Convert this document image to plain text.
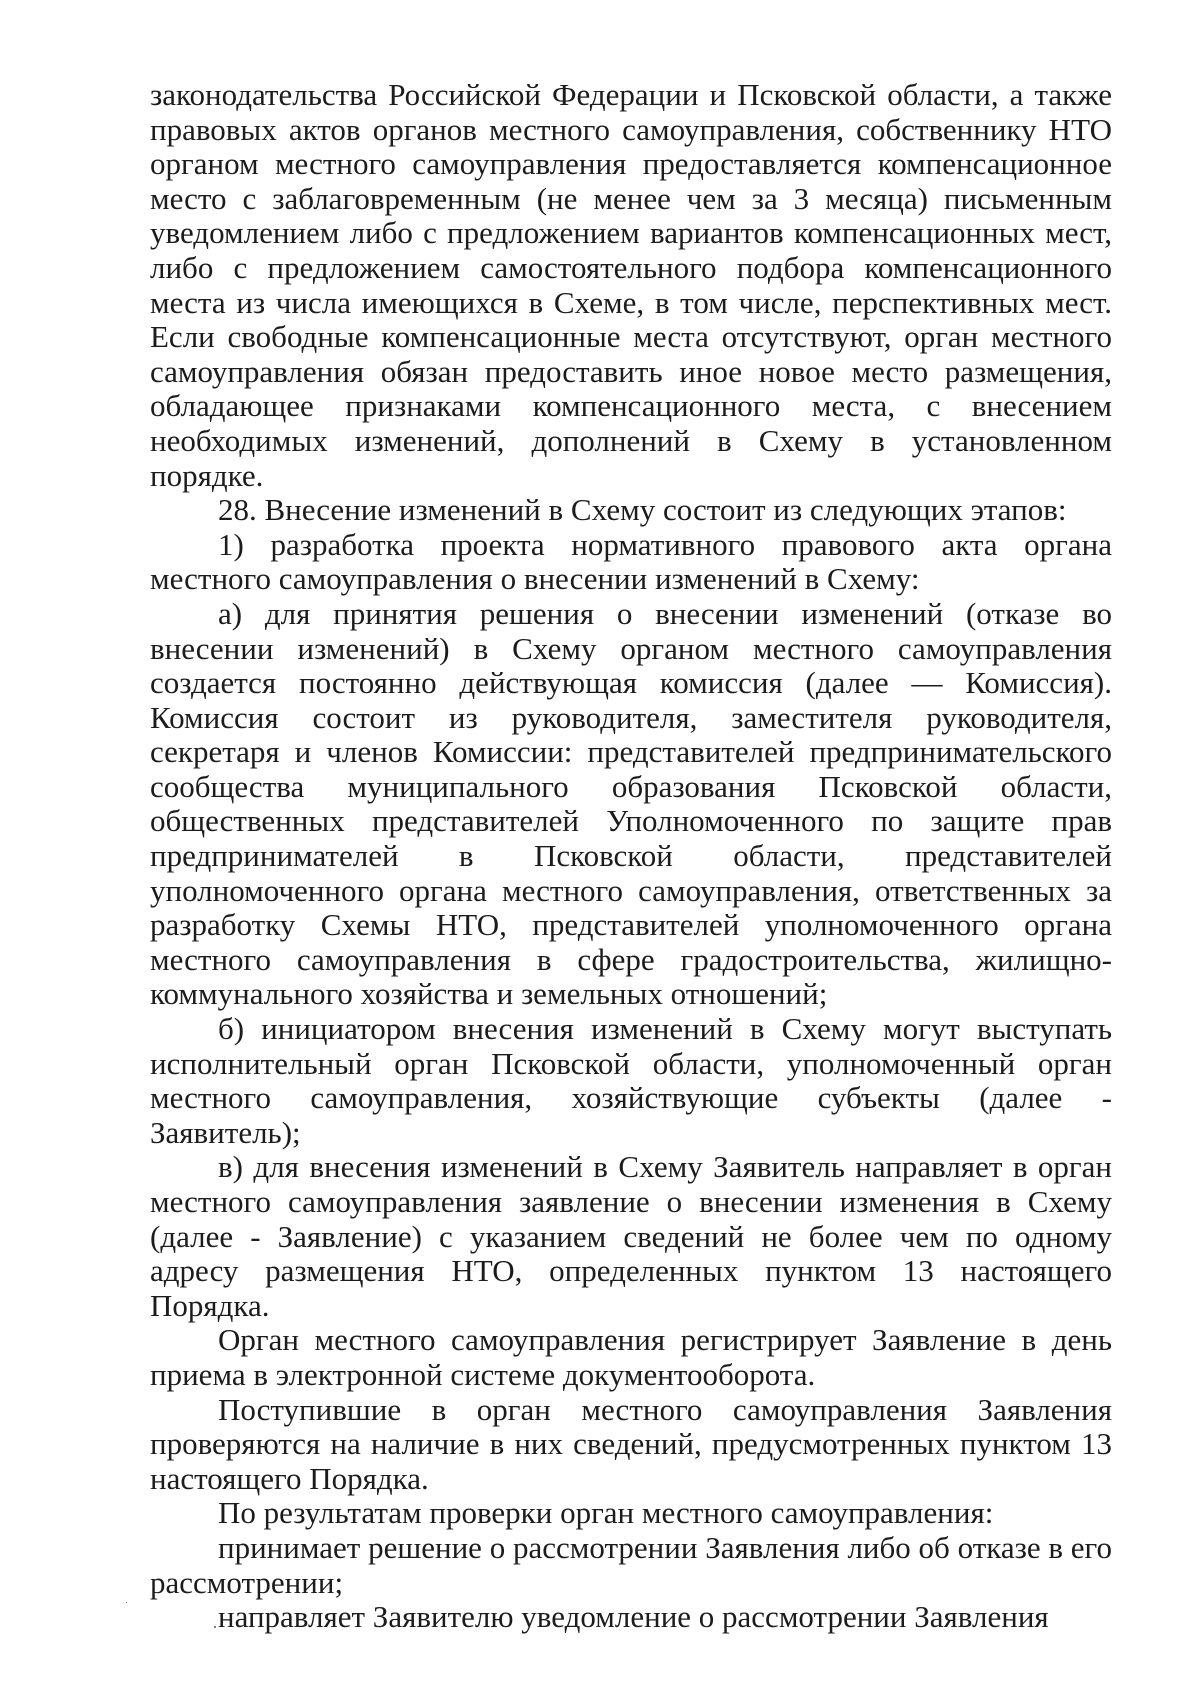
законодательства Российской Федерации и Псковской области, а также правовых актов органов местного самоуправления, собственнику НТО органом местного самоуправления предоставляется компенсационное место с заблаговременным (не менее чем за 3 месяца) письменным уведомлением либо с предложением вариантов компенсационных мест, либо с предложением самостоятельного подбора компенсационного места из числа имеющихся в Схеме, в том числе, перспективных мест. Если свободные компенсационные места отсутствуют, орган местного самоуправления обязан предоставить иное новое место размещения, обладающее признаками компенсационного места, с внесением необходимых изменений, дополнений в Схему в установленном порядке.

28. Внесение изменений в Схему состоит из следующих этапов:

1) разработка проекта нормативного правового акта органа местного самоуправления о внесении изменений в Схему:

а) для принятия решения о внесении изменений (отказе во внесении изменений) в Схему органом местного самоуправления создается постоянно действующая комиссия (далее — Комиссия). Комиссия состоит из руководителя, заместителя руководителя, секретаря и членов Комиссии: представителей предпринимательского сообщества муниципального образования Псковской области, общественных представителей Уполномоченного по защите прав предпринимателей в Псковской области, представителей уполномоченного органа местного самоуправления, ответственных за разработку Схемы НТО, представителей уполномоченного органа местного самоуправления в сфере градостроительства, жилищно-коммунального хозяйства и земельных отношений;

б) инициатором внесения изменений в Схему могут выступать исполнительный орган Псковской области, уполномоченный орган местного самоуправления, хозяйствующие субъекты (далее - Заявитель);

в) для внесения изменений в Схему Заявитель направляет в орган местного самоуправления заявление о внесении изменения в Схему (далее - Заявление) с указанием сведений не более чем по одному адресу размещения НТО, определенных пунктом 13 настоящего Порядка.

Орган местного самоуправления регистрирует Заявление в день приема в электронной системе документооборота.

Поступившие в орган местного самоуправления Заявления проверяются на наличие в них сведений, предусмотренных пунктом 13 настоящего Порядка.

По результатам проверки орган местного самоуправления:

принимает решение о рассмотрении Заявления либо об отказе в его рассмотрении;

направляет Заявителю уведомление о рассмотрении Заявления
